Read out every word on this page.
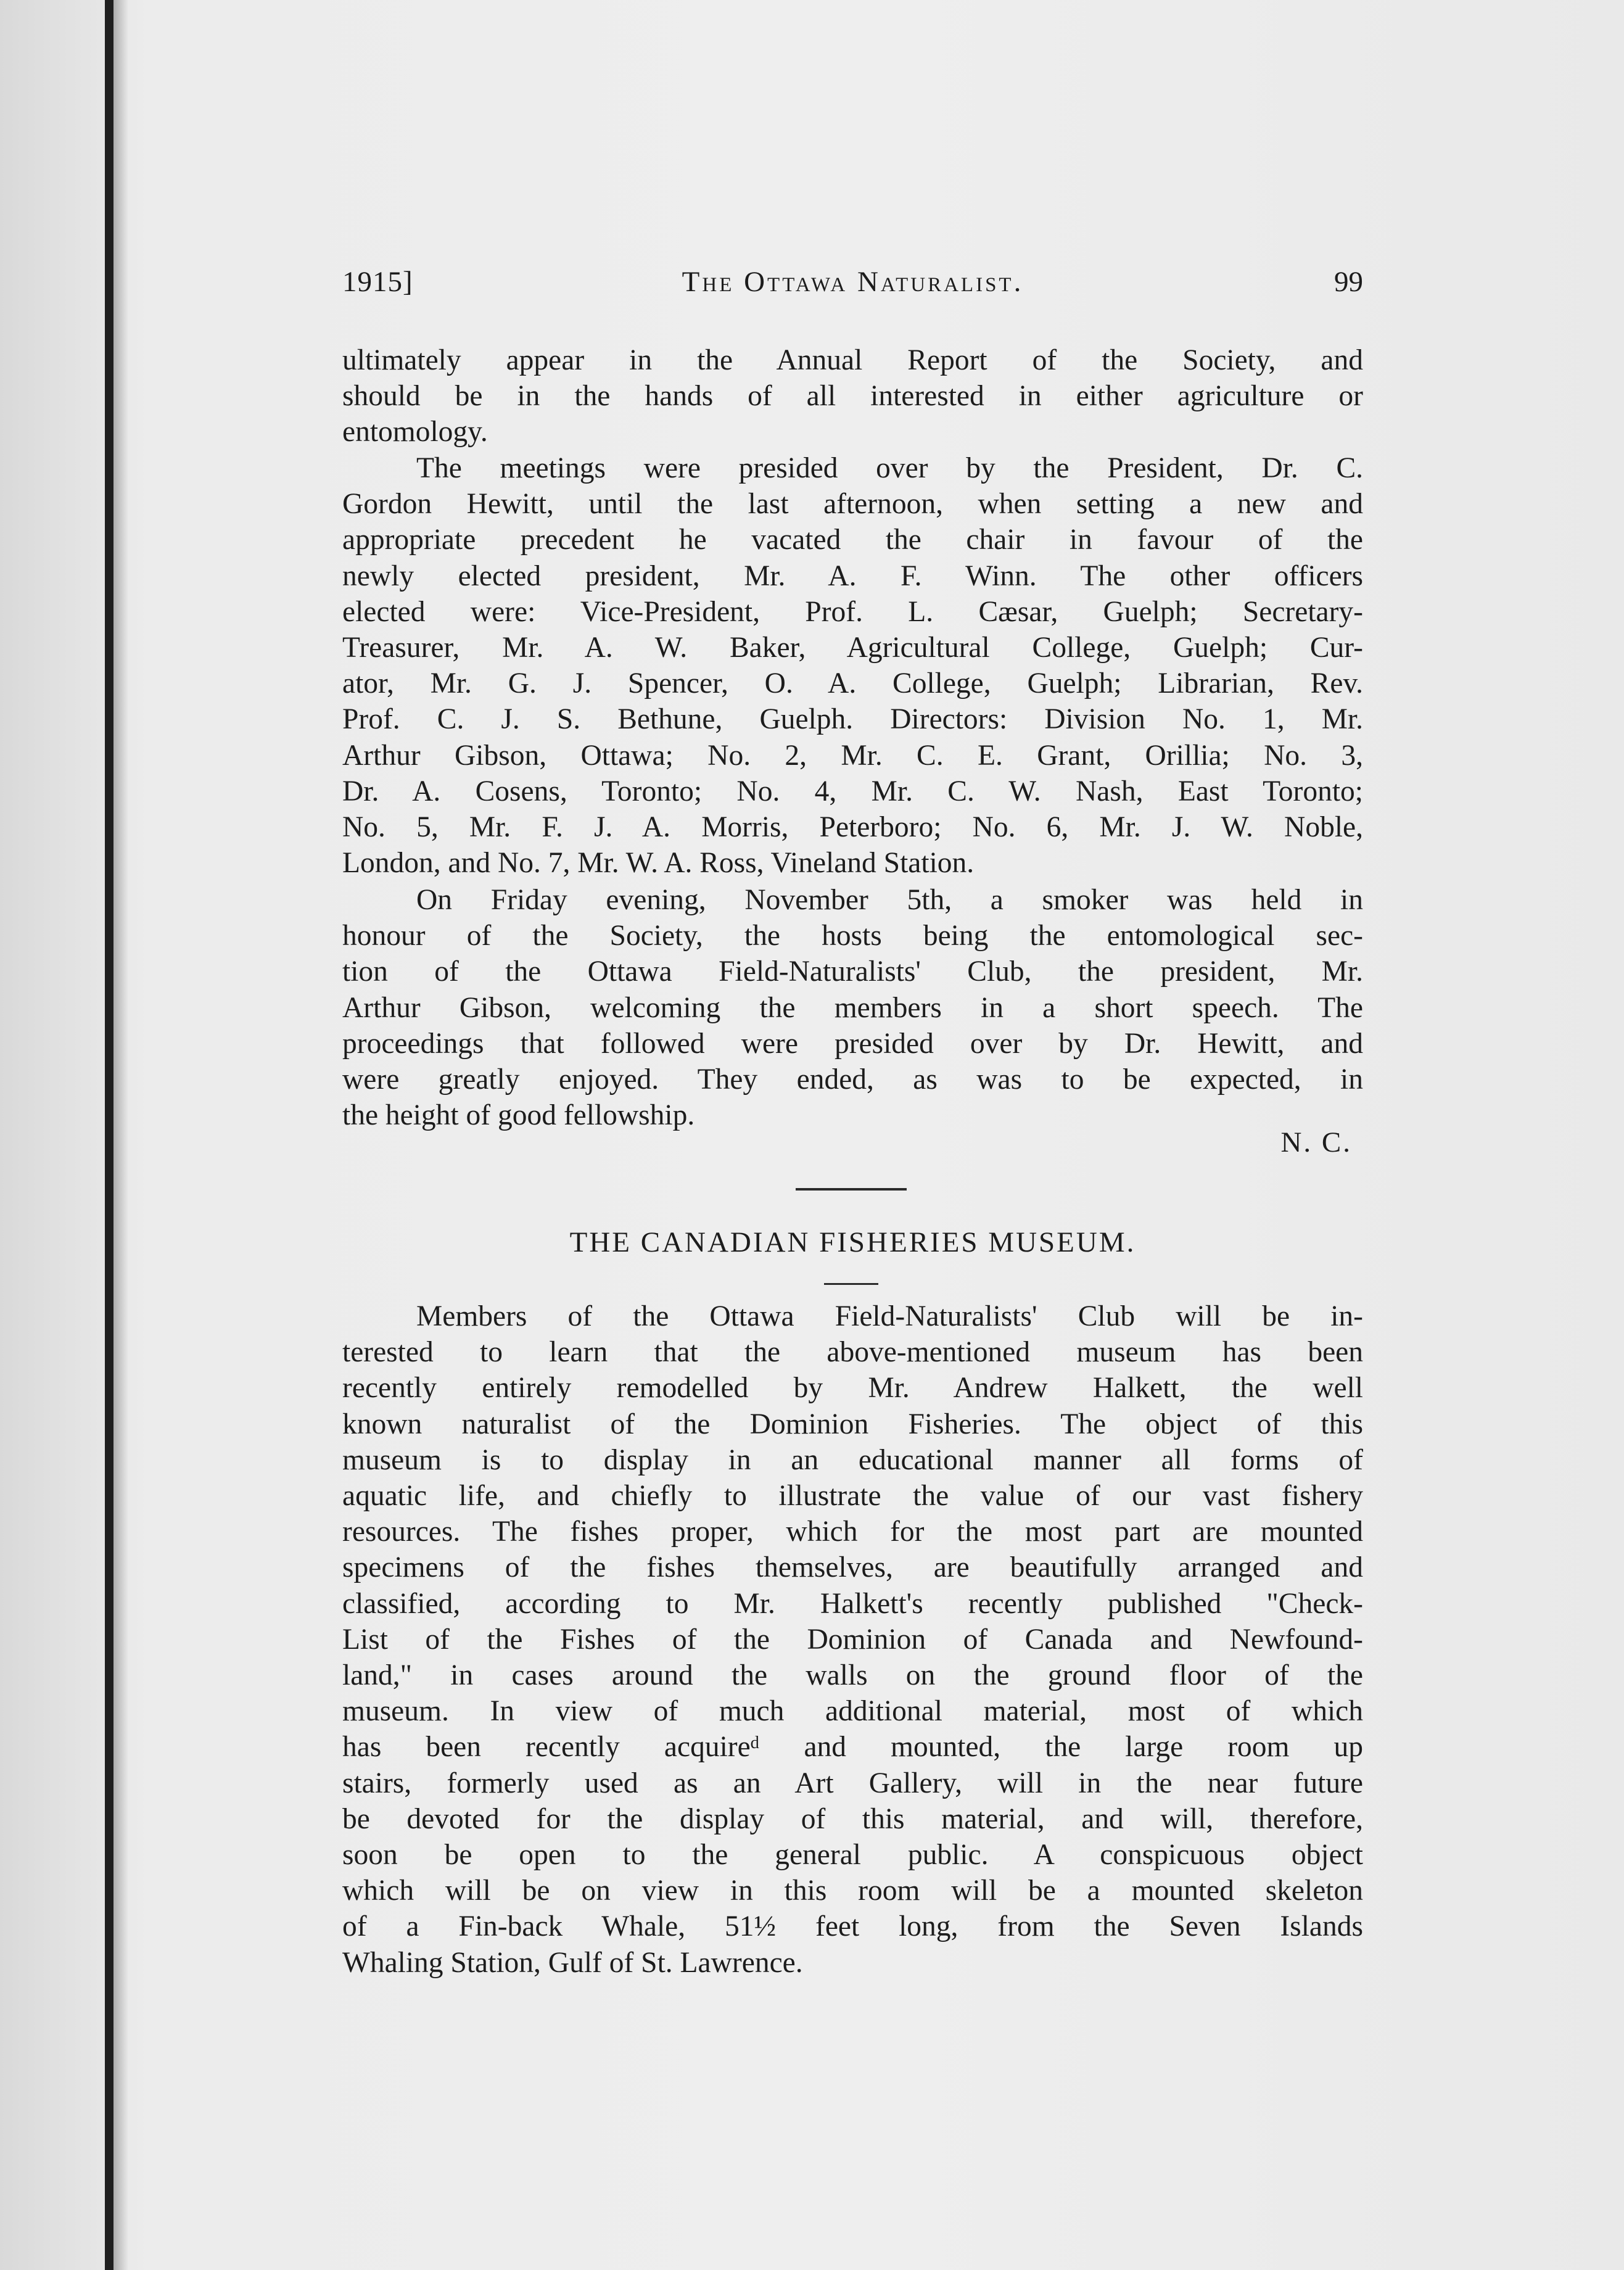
1915]	The Ottawa Naturalist.	99
ultimately appear in the Annual Report of the Society, and
should be in the hands of all interested in either agriculture or
entomology.
The meetings were presided over by the President, Dr. C.
Gordon Hewitt, until the last afternoon, when setting a new and
appropriate precedent he vacated the chair in favour of the
newly elected president, Mr. A. F. Winn. The other officers
elected were: Vice-President, Prof. L. Cæsar, Guelph; Secretary-
Treasurer, Mr. A. W. Baker, Agricultural College, Guelph; Cur-
ator, Mr. G. J. Spencer, O. A. College, Guelph; Librarian, Rev.
Prof. C. J. S. Bethune, Guelph. Directors: Division No. 1, Mr.
Arthur Gibson, Ottawa; No. 2, Mr. C. E. Grant, Orillia; No. 3,
Dr. A. Cosens, Toronto; No. 4, Mr. C. W. Nash, East Toronto;
No. 5, Mr. F. J. A. Morris, Peterboro; No. 6, Mr. J. W. Noble,
London, and No. 7, Mr. W. A. Ross, Vineland Station.
On Friday evening, November 5th, a smoker was held in
honour of the Society, the hosts being the entomological sec-
tion of the Ottawa Field-Naturalists' Club, the president, Mr.
Arthur Gibson, welcoming the members in a short speech. The
proceedings that followed were presided over by Dr. Hewitt, and
were greatly enjoyed. They ended, as was to be expected, in
the height of good fellowship.
N. C.
THE CANADIAN FISHERIES MUSEUM.
Members of the Ottawa Field-Naturalists' Club will be in-
terested to learn that the above-mentioned museum has been
recently entirely remodelled by Mr. Andrew Halkett, the well
known naturalist of the Dominion Fisheries. The object of this
museum is to display in an educational manner all forms of
aquatic life, and chiefly to illustrate the value of our vast fishery
resources. The fishes proper, which for the most part are mounted
specimens of the fishes themselves, are beautifully arranged and
classified, according to Mr. Halkett's recently published "Check-
List of the Fishes of the Dominion of Canada and Newfound-
land," in cases around the walls on the ground floor of the
museum. In view of much additional material, most of which
has been recently acquireᵈ and mounted, the large room up
stairs, formerly used as an Art Gallery, will in the near future
be devoted for the display of this material, and will, therefore,
soon be open to the general public. A conspicuous object
which will be on view in this room will be a mounted skeleton
of a Fin-back Whale, 51½ feet long, from the Seven Islands
Whaling Station, Gulf of St. Lawrence.
